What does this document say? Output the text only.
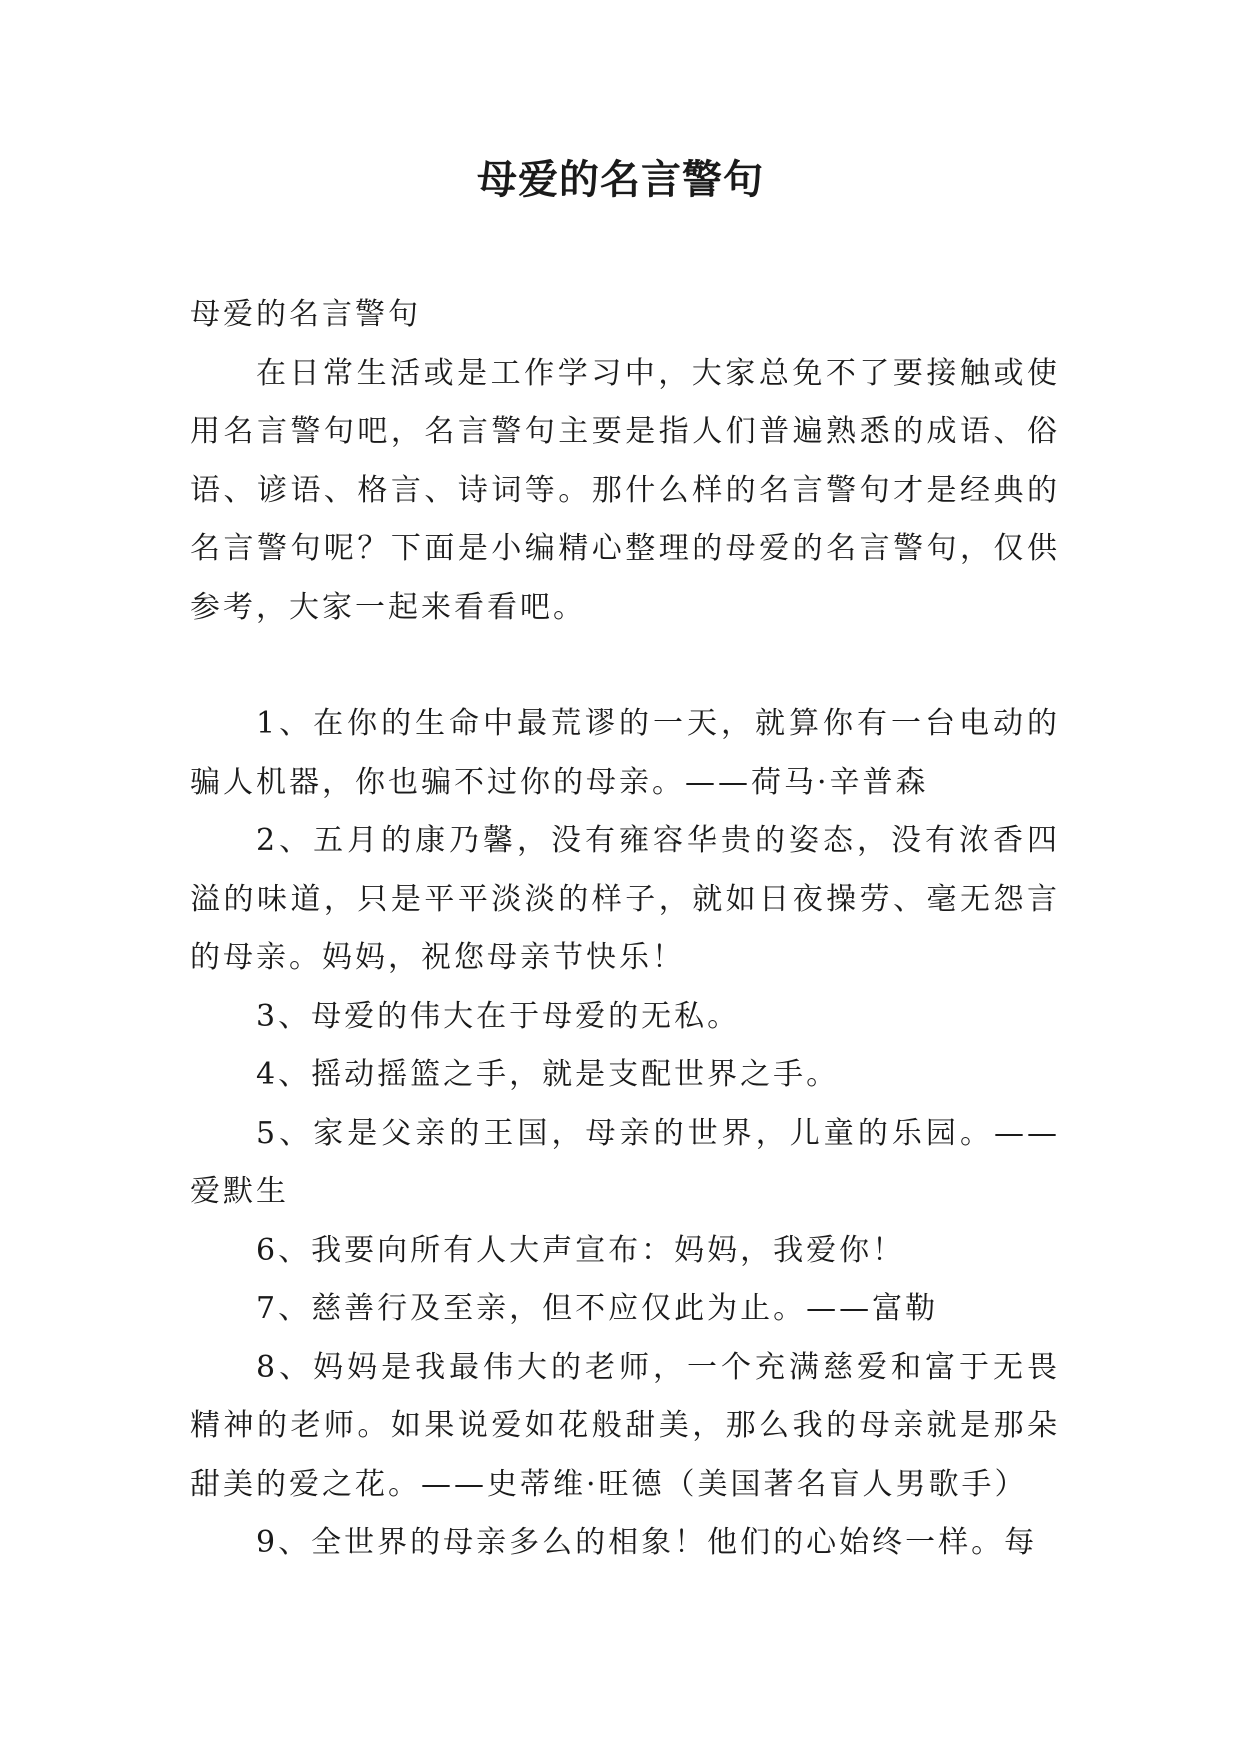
母爱的名言警句

母爱的名言警句

在日常生活或是工作学习中，大家总免不了要接触或使用名言警句吧，名言警句主要是指人们普遍熟悉的成语、俗语、谚语、格言、诗词等。那什么样的名言警句才是经典的名言警句呢？下面是小编精心整理的母爱的名言警句，仅供参考，大家一起来看看吧。

1、在你的生命中最荒谬的一天，就算你有一台电动的骗人机器，你也骗不过你的母亲。——荷马·辛普森

2、五月的康乃馨，没有雍容华贵的姿态，没有浓香四溢的味道，只是平平淡淡的样子，就如日夜操劳、毫无怨言的母亲。妈妈，祝您母亲节快乐！

3、母爱的伟大在于母爱的无私。

4、摇动摇篮之手，就是支配世界之手。

5、家是父亲的王国，母亲的世界，儿童的乐园。——爱默生

6、我要向所有人大声宣布：妈妈，我爱你！

7、慈善行及至亲，但不应仅此为止。——富勒

8、妈妈是我最伟大的老师，一个充满慈爱和富于无畏精神的老师。如果说爱如花般甜美，那么我的母亲就是那朵甜美的爱之花。——史蒂维·旺德（美国著名盲人男歌手）

9、全世界的母亲多么的相象！他们的心始终一样。每
